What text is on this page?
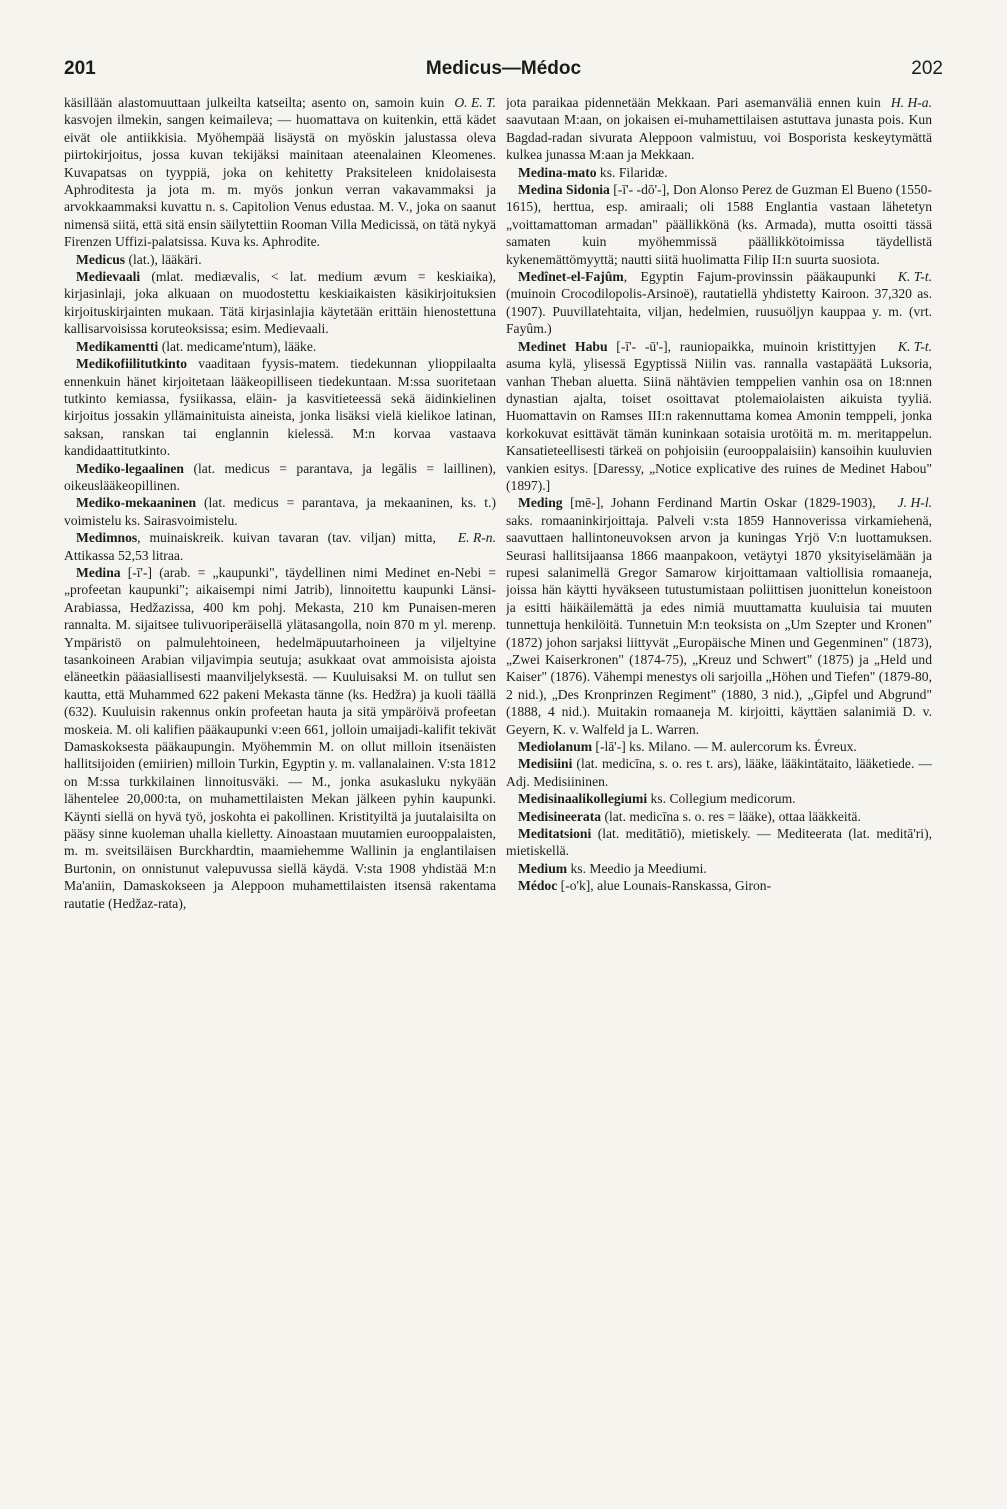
201	Medicus—Médoc	202

O. E. T.
käsillään alastomuuttaan julkeilta katseilta; asento on, samoin kuin kasvojen ilmekin, sangen keimaileva; — huomattava on kuitenkin, että kädet eivät ole antiikkisia. Myöhempää lisäystä on myöskin jalustassa oleva piirtokirjoitus, jossa kuvan tekijäksi mainitaan ateenalainen Kleomenes. Kuvapatsas on tyyppiä, joka on kehitetty Praksiteleen knidolaisesta Aphroditesta ja jota m. m. myös jonkun verran vakavammaksi ja arvokkaammaksi kuvattu n. s. Capitolion Venus edustaa. M. V., joka on saanut nimensä siitä, että sitä ensin säilytettiin Rooman Villa Medicissä, on tätä nykyä Firenzen Uffizi-palatsissa. Kuva ks. Aphrodite.

Medicus (lat.), lääkäri.

Medievaali (mlat. mediævalis, < lat. medium ævum = keskiaika), kirjasinlaji, joka alkuaan on muodostettu keskiaikaisten käsikirjoituksien kirjoituskirjainten mukaan. Tätä kirjasinlajia käytetään erittäin hienostettuna kallisarvoisissa koruteoksissa; esim. Medievaali.

Medikamentti (lat. medicame'ntum), lääke.

Medikofiilitutkinto vaaditaan fyysis-matem. tiedekunnan ylioppilaalta ennenkuin hänet kirjoitetaan lääkeopilliseen tiedekuntaan. M:ssa suoritetaan tutkinto kemiassa, fysiikassa, eläin- ja kasvitieteessä sekä äidinkielinen kirjoitus jossakin yllämainituista aineista, jonka lisäksi vielä kielikoe latinan, saksan, ranskan tai englannin kielessä. M:n korvaa vastaava kandidaattitutkinto.

Mediko-legaalinen (lat. medicus = parantava, ja legālis = laillinen), oikeuslääkeopillinen.

Mediko-mekaaninen (lat. medicus = parantava, ja mekaaninen, ks. t.) voimistelu ks. Sairasvoimistelu.

E. R-n.
Medimnos, muinaiskreik. kuivan tavaran (tav. viljan) mitta, Attikassa 52,53 litraa.

Medina [-ī'-] (arab. = „kaupunki", täydellinen nimi Medinet en-Nebi = „profeetan kaupunki"; aikaisempi nimi Jatrib), linnoitettu kaupunki Länsi-Arabiassa, Hedžazissa, 400 km pohj. Mekasta, 210 km Punaisen-meren rannalta. M. sijaitsee tulivuoriperäisellä ylätasangolla, noin 870 m yl. merenp. Ympäristö on palmulehtoineen, hedelmäpuutarhoineen ja viljeltyine tasankoineen Arabian viljavimpia seutuja; asukkaat ovat ammoisista ajoista eläneetkin pääasiallisesti maanviljelyksestä. — Kuuluisaksi M. on tullut sen kautta, että Muhammed 622 pakeni Mekasta tänne (ks. Hedžra) ja kuoli täällä (632). Kuuluisin rakennus onkin profeetan hauta ja sitä ympäröivä profeetan moskeia. M. oli kalifien pääkaupunki v:een 661, jolloin umaijadi-kalifit tekivät Damaskoksesta pääkaupungin. Myöhemmin M. on ollut milloin itsenäisten hallitsijoiden (emiirien) milloin Turkin, Egyptin y. m. vallanalainen. V:sta 1812 on M:ssa turkkilainen linnoitusväki. — M., jonka asukasluku nykyään lähentelee 20,000:ta, on muhamettilaisten Mekan jälkeen pyhin kaupunki. Käynti siellä on hyvä työ, joskohta ei pakollinen. Kristityiltä ja juutalaisilta on pääsy sinne kuoleman uhalla kielletty. Ainoastaan muutamien eurooppalaisten, m. m. sveitsiläisen Burckhardtin, maamiehemme Wallinin ja englantilaisen Burtonin, on onnistunut valepuvussa siellä käydä. V:sta 1908 yhdistää M:n Ma'aniin, Damaskokseen ja Aleppoon muhamettilaisten itsensä rakentama rautatie (Hedžaz-rata),

H. H-a.
jota paraikaa pidennetään Mekkaan. Pari asemanväliä ennen kuin saavutaan M:aan, on jokaisen ei-muhamettilaisen astuttava junasta pois. Kun Bagdad-radan sivurata Aleppoon valmistuu, voi Bosporista keskeytymättä kulkea junassa M:aan ja Mekkaan.

Medina-mato ks. Filaridæ.

Medina Sidonia [-ī'- -dō'-], Don Alonso Perez de Guzman El Bueno (1550-1615), herttua, esp. amiraali; oli 1588 Englantia vastaan lähetetyn „voittamattoman armadan" päällikkönä (ks. Armada), mutta osoitti tässä samaten kuin myöhemmissä päällikkötoimissa täydellistä kykenemättömyyttä; nautti siitä huolimatta Filip II:n suurta suosiota.

K. T-t.
Medînet-el-Fajûm, Egyptin Fajum-provinssin pääkaupunki (muinoin Crocodilopolis-Arsinoë), rautatiellä yhdistetty Kairoon. 37,320 as. (1907). Puuvillatehtaita, viljan, hedelmien, ruusuöljyn kauppaa y. m. (vrt. Fayûm.)

K. T-t.
Medinet Habu [-ī'- -ū'-], rauniopaikka, muinoin kristittyjen asuma kylä, ylisessä Egyptissä Niilin vas. rannalla vastapäätä Luksoria, vanhan Theban aluetta. Siinä nähtävien temppelien vanhin osa on 18:nnen dynastian ajalta, toiset osoittavat ptolemaiolaisten aikuista tyyliä. Huomattavin on Ramses III:n rakennuttama komea Amonin temppeli, jonka korkokuvat esittävät tämän kuninkaan sotaisia urotöitä m. m. meritappelun. Kansatieteellisesti tärkeä on pohjoisiin (eurooppalaisiin) kansoihin kuuluvien vankien esitys. [Daressy, „Notice explicative des ruines de Medinet Habou" (1897).]

J. H-l.
Meding [mē-], Johann Ferdinand Martin Oskar (1829-1903), saks. romaaninkirjoittaja. Palveli v:sta 1859 Hannoverissa virkamiehenä, saavuttaen hallintoneuvoksen arvon ja kuningas Yrjö V:n luottamuksen. Seurasi hallitsijaansa 1866 maanpakoon, vetäytyi 1870 yksityiselämään ja rupesi salanimellä Gregor Samarow kirjoittamaan valtiollisia romaaneja, joissa hän käytti hyväkseen tutustumistaan poliittisen juonittelun koneistoon ja esitti häikäilemättä ja edes nimiä muuttamatta kuuluisia tai muuten tunnettuja henkilöitä. Tunnetuin M:n teoksista on „Um Szepter und Kronen" (1872) johon sarjaksi liittyvät „Europäische Minen und Gegenminen" (1873), „Zwei Kaiserkronen" (1874-75), „Kreuz und Schwert" (1875) ja „Held und Kaiser" (1876). Vähempi menestys oli sarjoilla „Höhen und Tiefen" (1879-80, 2 nid.), „Des Kronprinzen Regiment" (1880, 3 nid.), „Gipfel und Abgrund" (1888, 4 nid.). Muitakin romaaneja M. kirjoitti, käyttäen salanimiä D. v. Geyern, K. v. Walfeld ja L. Warren.

Mediolanum [-lā'-] ks. Milano. — M. aulercorum ks. Évreux.

Medisiini (lat. medicīna, s. o. res t. ars), lääke, lääkintätaito, lääketiede. — Adj. Medisiininen.

Medisinaalikollegiumi ks. Collegium medicorum.

Medisineerata (lat. medicīna s. o. res = lääke), ottaa lääkkeitä.

Meditatsioni (lat. meditātiō), mietiskely. — Mediteerata (lat. meditā'ri), mietiskellä.

Medium ks. Meedio ja Meediumi.

Médoc [-o'k], alue Lounais-Ranskassa, Giron-
